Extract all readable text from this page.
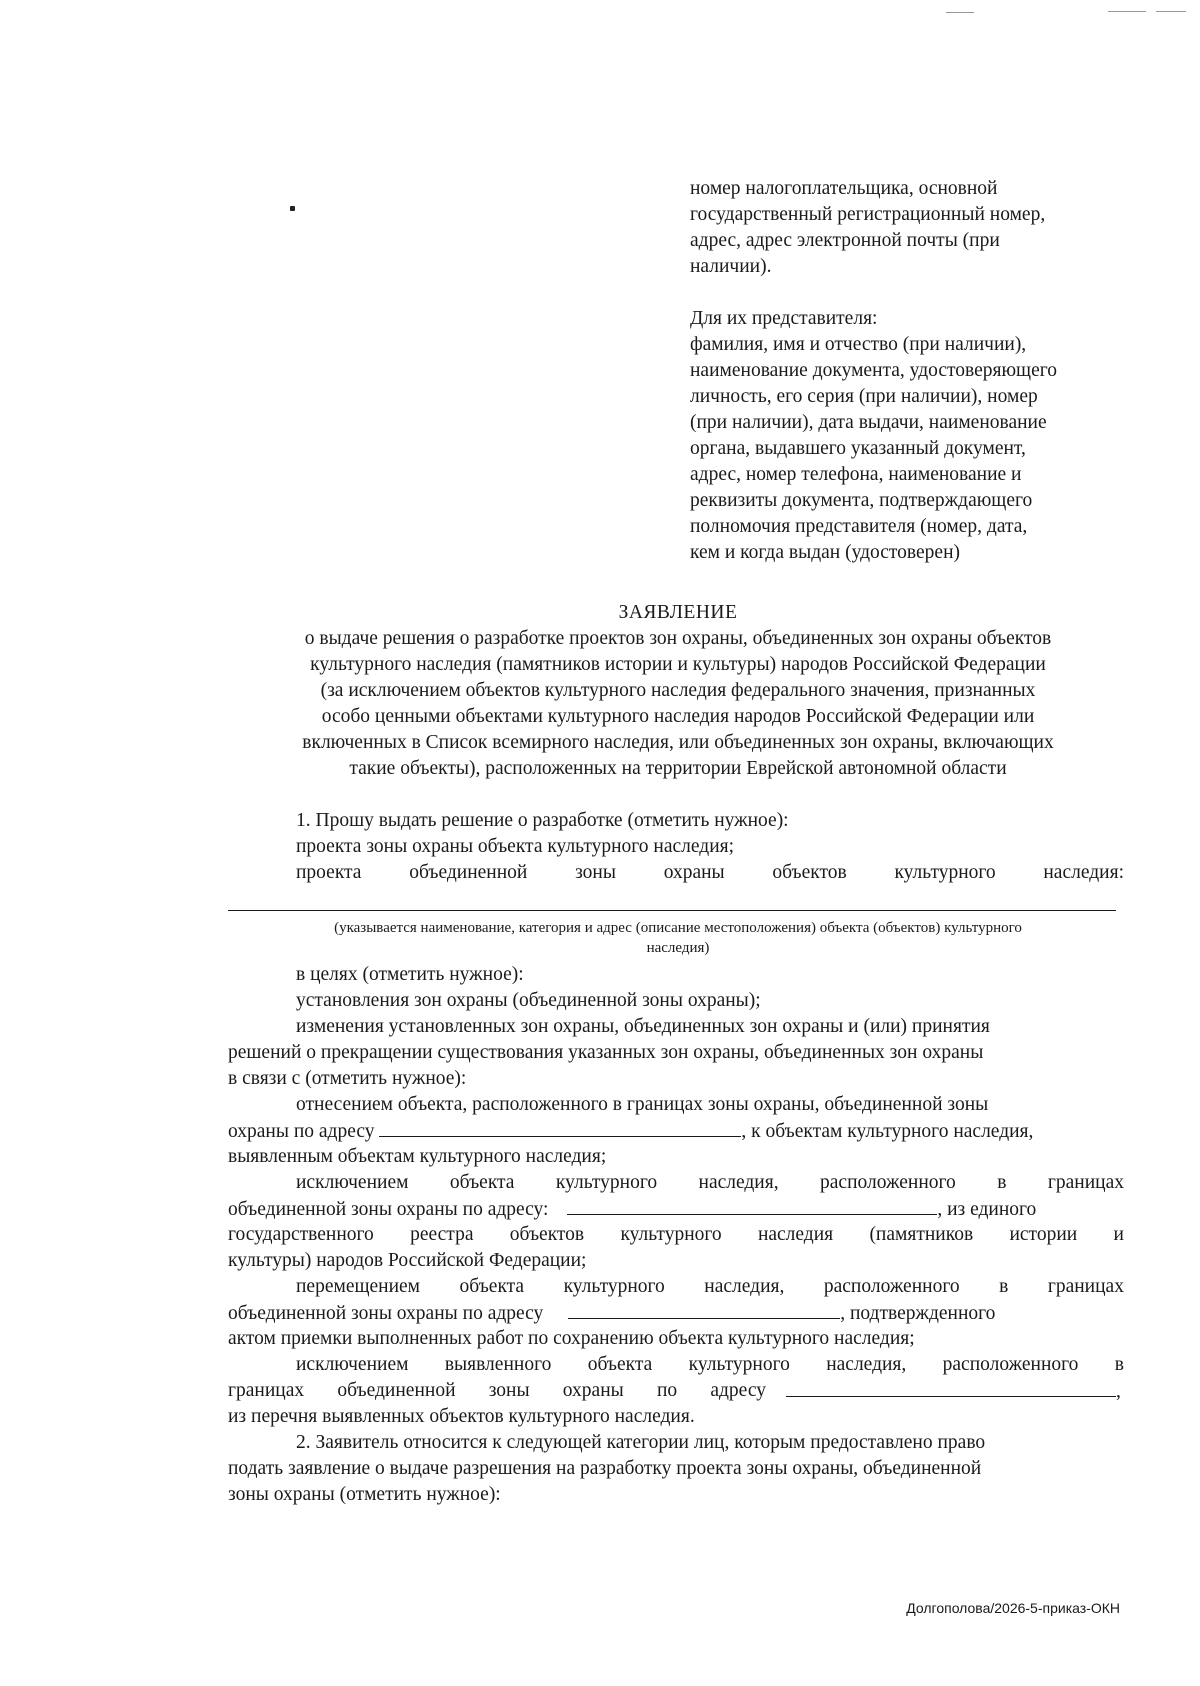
номер налогоплательщика, основной
государственный регистрационный номер,
адрес, адрес электронной почты (при
наличии).
Для их представителя:
фамилия, имя и отчество (при наличии),
наименование документа, удостоверяющего
личность, его серия (при наличии), номер
(при наличии), дата выдачи, наименование
органа, выдавшего указанный документ,
адрес, номер телефона, наименование и
реквизиты документа, подтверждающего
полномочия представителя (номер, дата,
кем и когда выдан (удостоверен)
ЗАЯВЛЕНИЕ
о выдаче решения о разработке проектов зон охраны, объединенных зон охраны объектов
культурного наследия (памятников истории и культуры) народов Российской Федерации
(за исключением объектов культурного наследия федерального значения, признанных
особо ценными объектами культурного наследия народов Российской Федерации или
включенных в Список всемирного наследия, или объединенных зон охраны, включающих
такие объекты), расположенных на территории Еврейской автономной области
1. Прошу выдать решение о разработке (отметить нужное):
проекта зоны охраны объекта культурного наследия;
проекта объединенной зоны охраны объектов культурного наследия:
(указывается наименование, категория и адрес (описание местоположения) объекта (объектов) культурного
наследия)
в целях (отметить нужное):
установления зон охраны (объединенной зоны охраны);
изменения установленных зон охраны, объединенных зон охраны и (или) принятия
решений о прекращении существования указанных зон охраны, объединенных зон охраны
в связи с (отметить нужное):
отнесением объекта, расположенного в границах зоны охраны, объединенной зоны
охраны по адресу	, к объектам культурного наследия,
выявленным объектам культурного наследия;
исключением объекта культурного наследия, расположенного в границах
объединенной зоны охраны по адресу:	, из единого
государственного реестра объектов культурного наследия (памятников истории и
культуры) народов Российской Федерации;
перемещением объекта культурного наследия, расположенного в границах
объединенной зоны охраны по адресу	, подтвержденного
актом приемки выполненных работ по сохранению объекта культурного наследия;
исключением выявленного объекта культурного наследия, расположенного в
границах объединенной зоны охраны по адресу	,
из перечня выявленных объектов культурного наследия.
2. Заявитель относится к следующей категории лиц, которым предоставлено право
подать заявление о выдаче разрешения на разработку проекта зоны охраны, объединенной
зоны охраны (отметить нужное):
Долгополова/2026-5-приказ-ОКН
